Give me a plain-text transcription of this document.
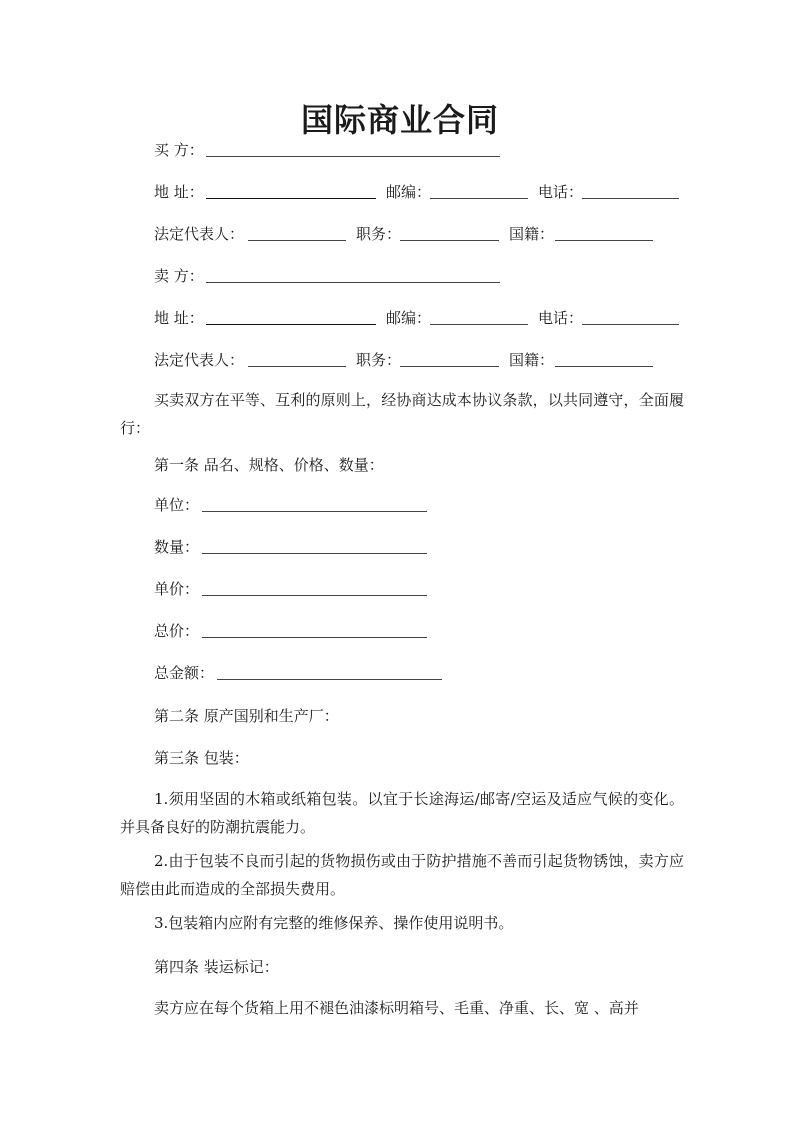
国际商业合同
买 方：
地 址：	邮编：	电话：
法定代表人：	职务：	国籍：
卖 方：
地 址：	邮编：	电话：
法定代表人：	职务：	国籍：
买卖双方在平等、互利的原则上，经协商达成本协议条款，以共同遵守，全面履行：
第一条 品名、规格、价格、数量：
单位：
数量：
单价：
总价：
总金额：
第二条 原产国别和生产厂：
第三条 包装：
1.须用坚固的木箱或纸箱包装。以宜于长途海运/邮寄/空运及适应气候的变化。并具备良好的防潮抗震能力。
2.由于包装不良而引起的货物损伤或由于防护措施不善而引起货物锈蚀，卖方应赔偿由此而造成的全部损失费用。
3.包装箱内应附有完整的维修保养、操作使用说明书。
第四条 装运标记：
卖方应在每个货箱上用不褪色油漆标明箱号、毛重、净重、长、宽 、高并
